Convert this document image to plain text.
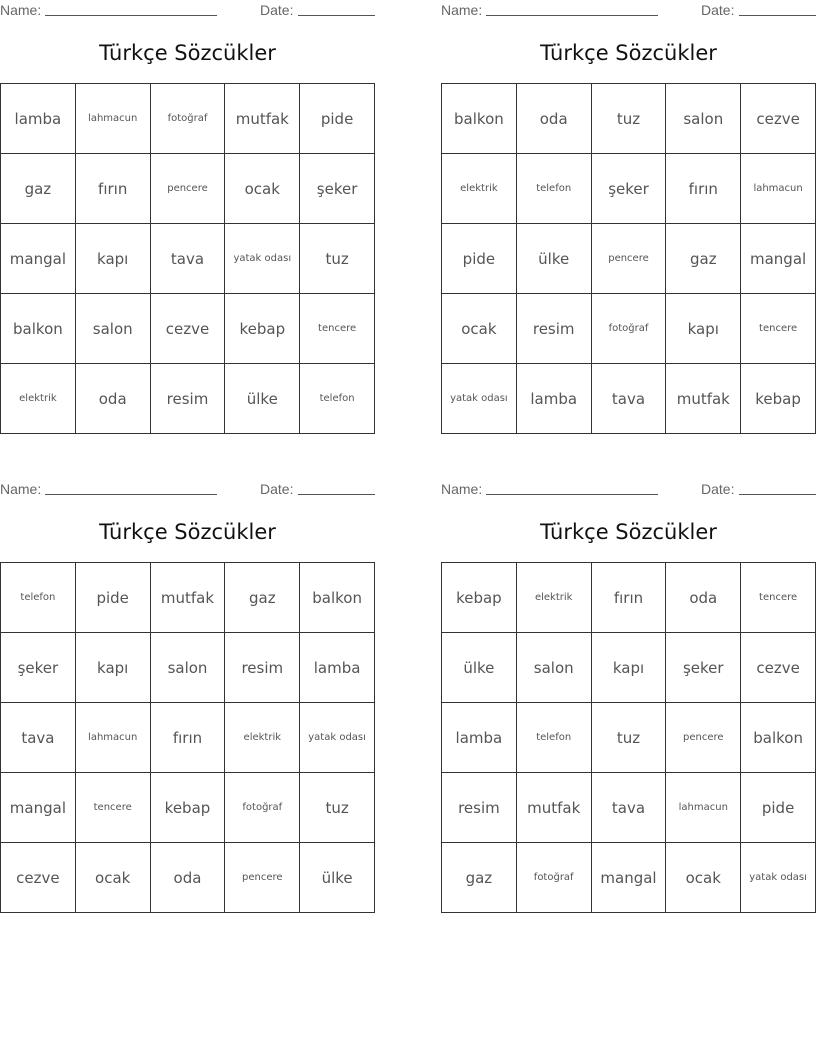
Name:	Date:
Türkçe Sözcükler
lamba	lahmacun	fotoğraf	mutfak	pide
gaz	fırın	pencere	ocak	şeker
mangal	kapı	tava	yatak odası	tuz
balkon	salon	cezve	kebap	tencere
elektrik	oda	resim	ülke	telefon
Name:	Date:
Türkçe Sözcükler
balkon	oda	tuz	salon	cezve
elektrik	telefon	şeker	fırın	lahmacun
pide	ülke	pencere	gaz	mangal
ocak	resim	fotoğraf	kapı	tencere
yatak odası	lamba	tava	mutfak	kebap
Name:	Date:
Türkçe Sözcükler
telefon	pide	mutfak	gaz	balkon
şeker	kapı	salon	resim	lamba
tava	lahmacun	fırın	elektrik	yatak odası
mangal	tencere	kebap	fotoğraf	tuz
cezve	ocak	oda	pencere	ülke
Name:	Date:
Türkçe Sözcükler
kebap	elektrik	fırın	oda	tencere
ülke	salon	kapı	şeker	cezve
lamba	telefon	tuz	pencere	balkon
resim	mutfak	tava	lahmacun	pide
gaz	fotoğraf	mangal	ocak	yatak odası
